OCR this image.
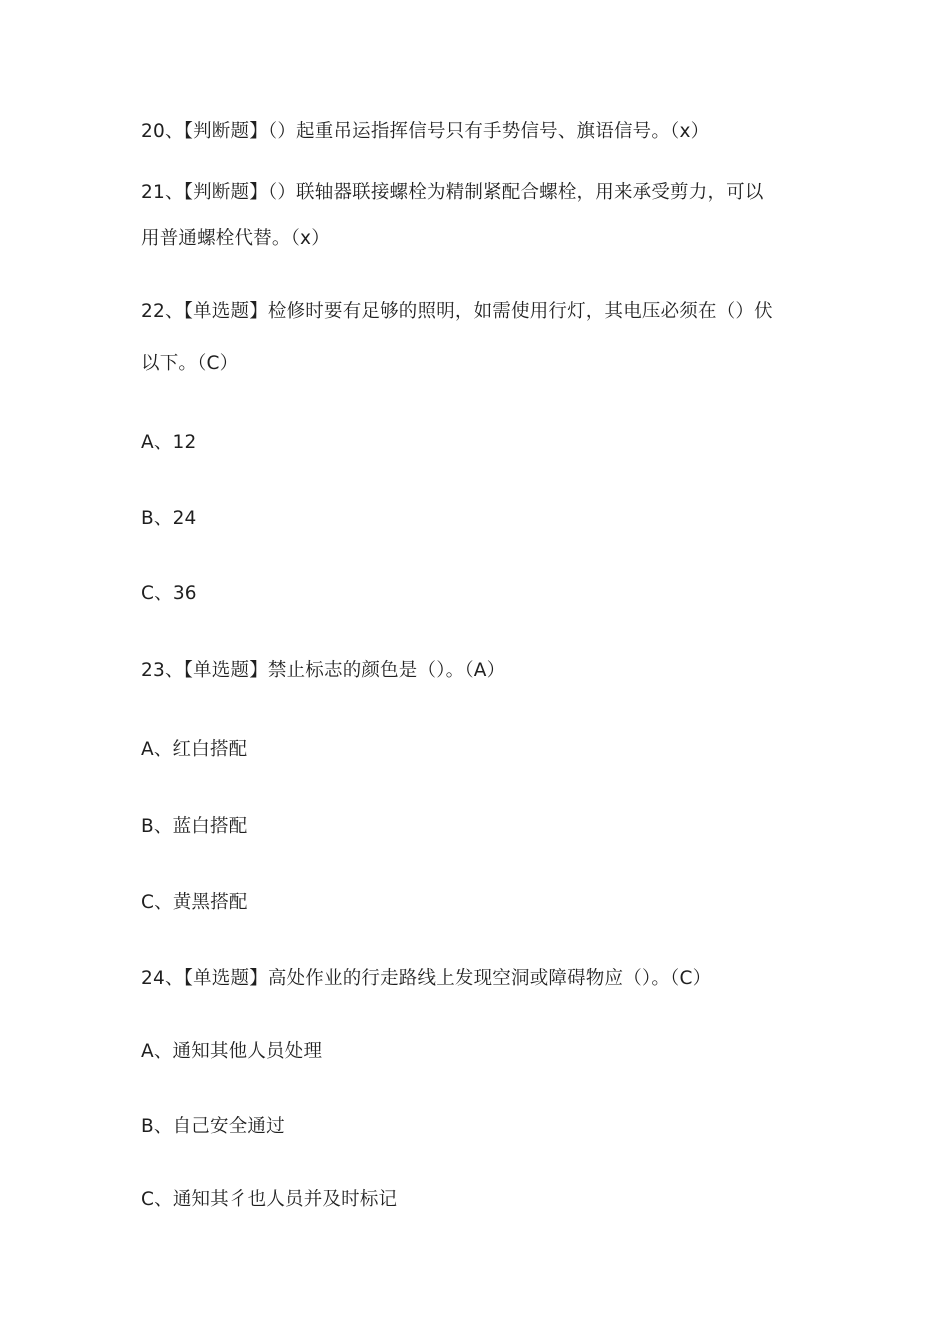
20、【判断题】（）起重吊运指挥信号只有手势信号、旗语信号。（x）
21、【判断题】（）联轴器联接螺栓为精制紧配合螺栓，用来承受剪力，可以
用普通螺栓代替。（x）
22、【单选题】检修时要有足够的照明，如需使用行灯，其电压必须在（）伏
以下。（C）
A、12
B、24
C、36
23、【单选题】禁止标志的颜色是（）。（A）
A、红白搭配
B、蓝白搭配
C、黄黑搭配
24、【单选题】高处作业的行走路线上发现空洞或障碍物应（）。（C）
A、通知其他人员处理
B、自己安全通过
C、通知其彳也人员并及时标记
